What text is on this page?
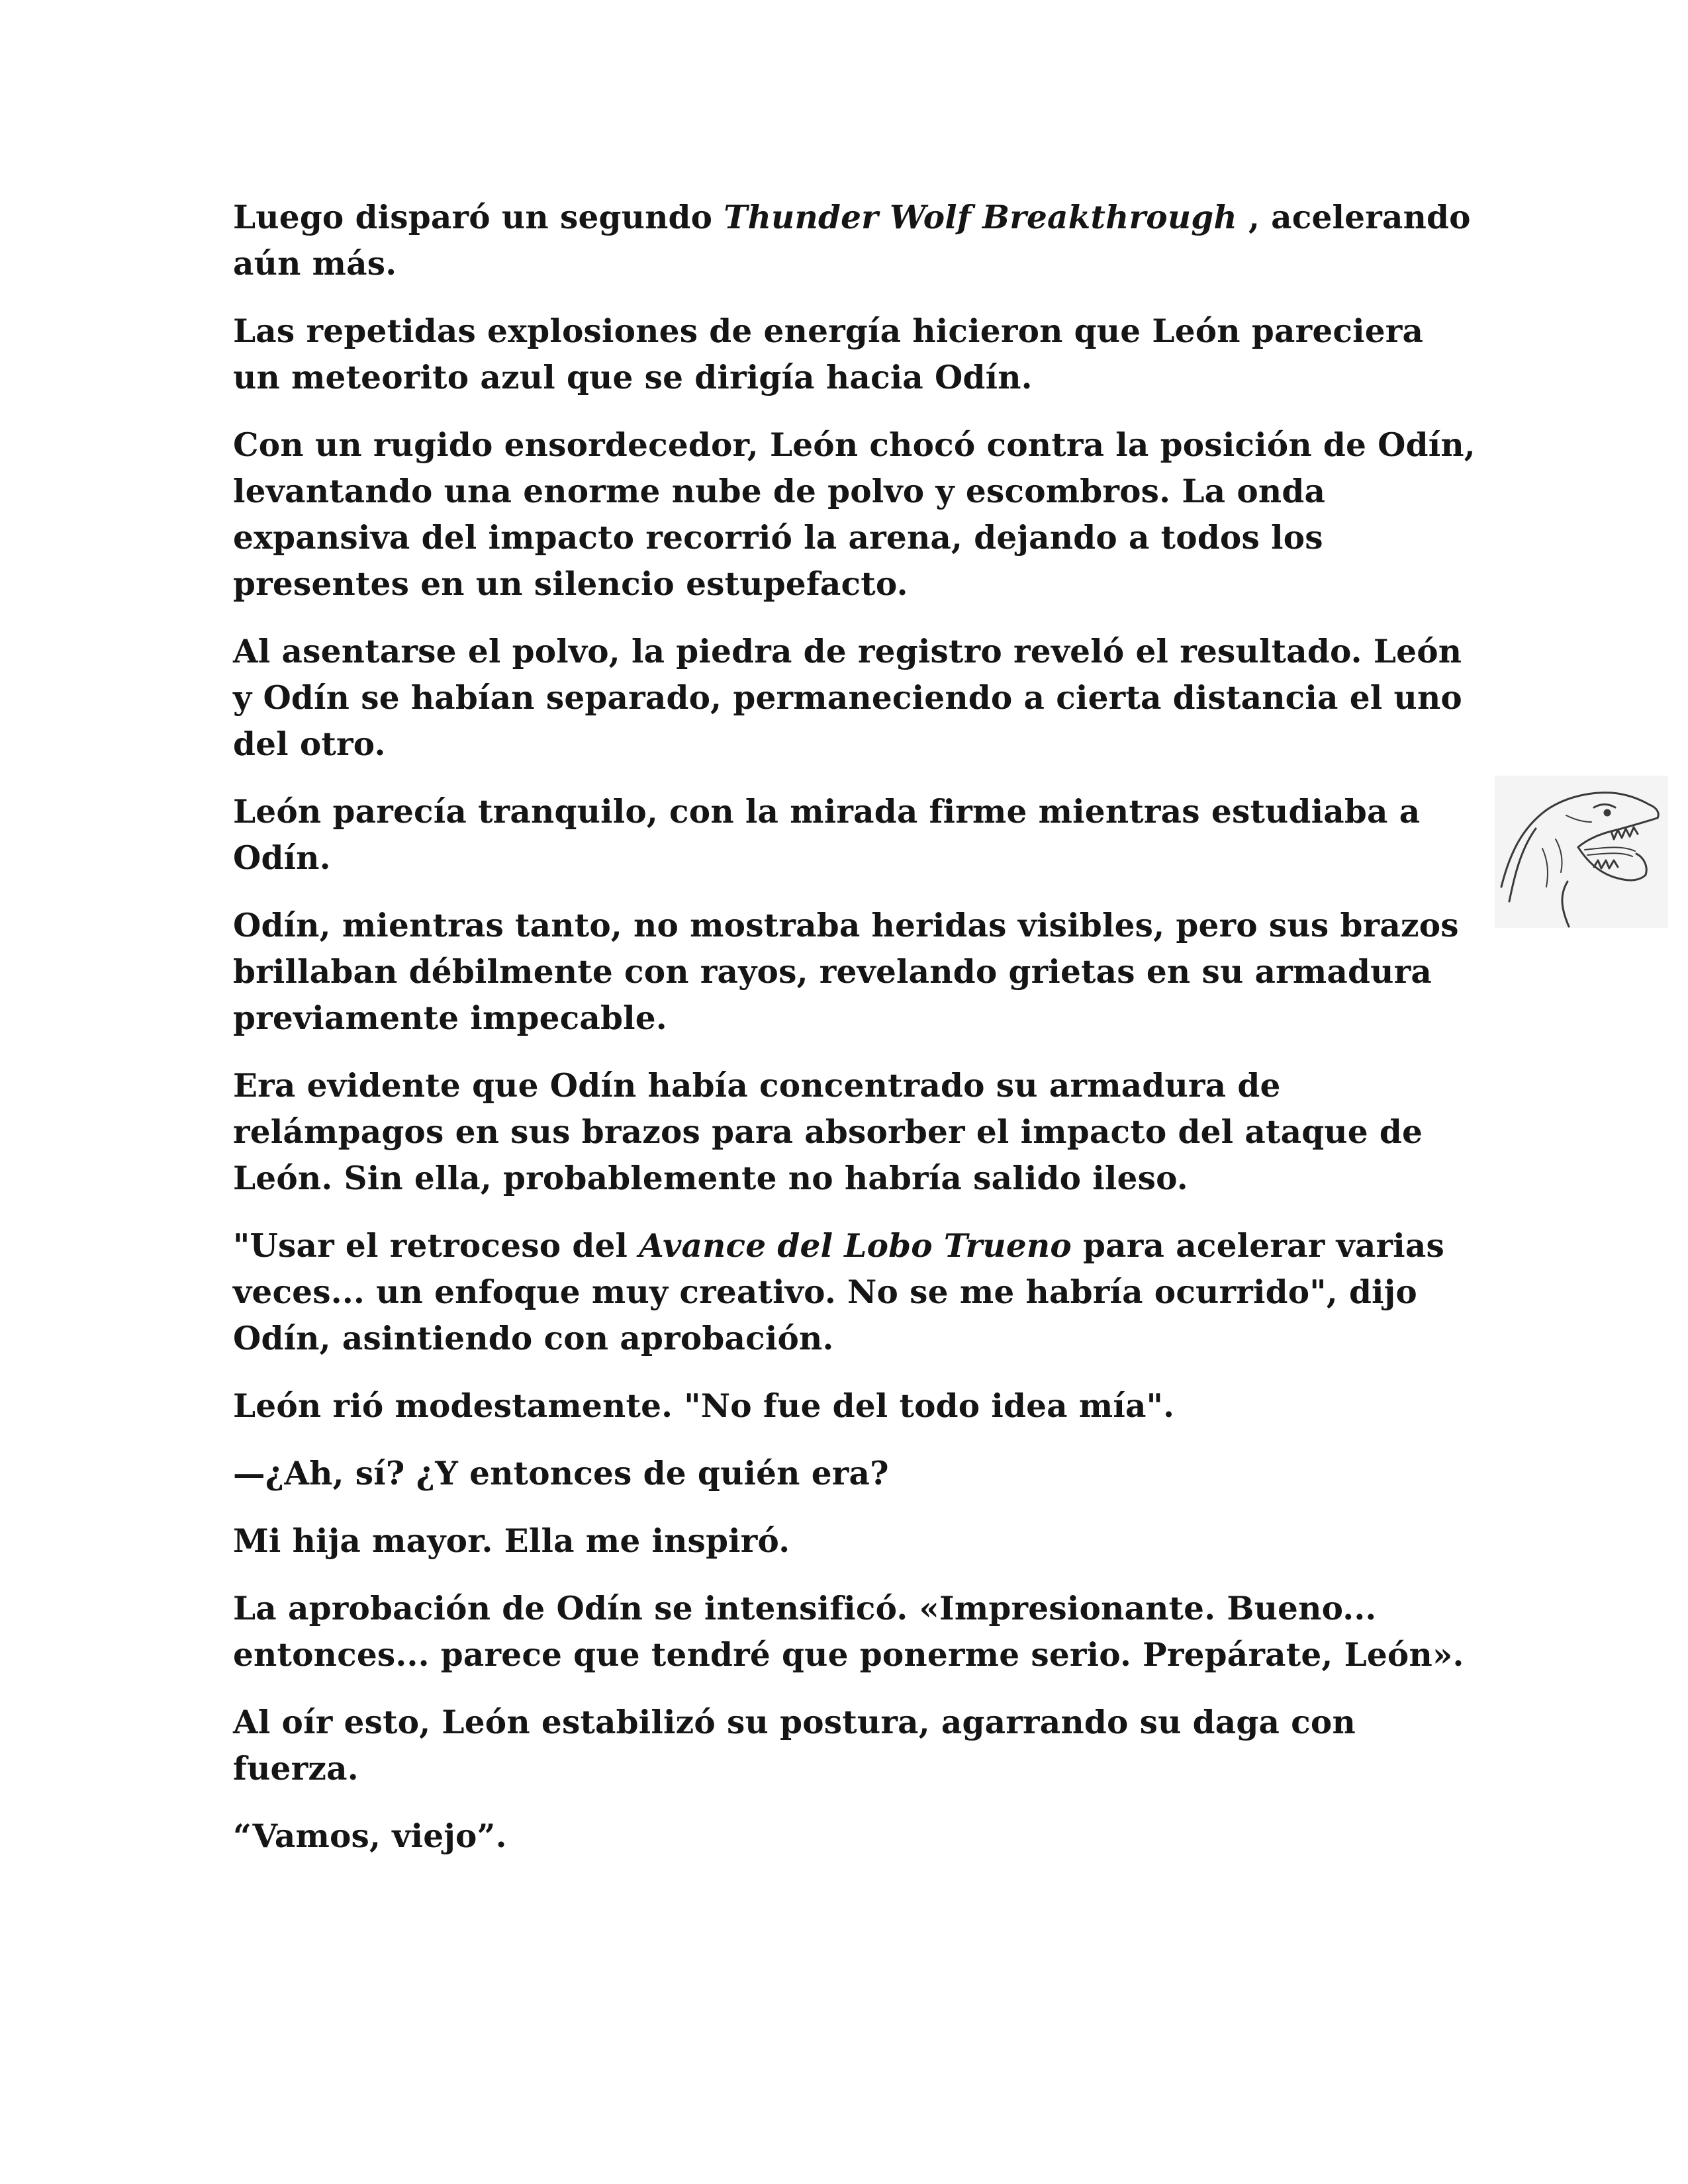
Luego disparó un segundo Thunder Wolf Breakthrough , acelerando aún más.

Las repetidas explosiones de energía hicieron que León pareciera un meteorito azul que se dirigía hacia Odín.

Con un rugido ensordecedor, León chocó contra la posición de Odín, levantando una enorme nube de polvo y escombros. La onda expansiva del impacto recorrió la arena, dejando a todos los presentes en un silencio estupefacto.

Al asentarse el polvo, la piedra de registro reveló el resultado. León y Odín se habían separado, permaneciendo a cierta distancia el uno del otro.

León parecía tranquilo, con la mirada firme mientras estudiaba a Odín.

Odín, mientras tanto, no mostraba heridas visibles, pero sus brazos brillaban débilmente con rayos, revelando grietas en su armadura previamente impecable.

Era evidente que Odín había concentrado su armadura de relámpagos en sus brazos para absorber el impacto del ataque de León. Sin ella, probablemente no habría salido ileso.

"Usar el retroceso del Avance del Lobo Trueno para acelerar varias veces... un enfoque muy creativo. No se me habría ocurrido", dijo Odín, asintiendo con aprobación.

León rió modestamente. "No fue del todo idea mía".

—¿Ah, sí? ¿Y entonces de quién era?

Mi hija mayor. Ella me inspiró.

La aprobación de Odín se intensificó. «Impresionante. Bueno... entonces... parece que tendré que ponerme serio. Prepárate, León».

Al oír esto, León estabilizó su postura, agarrando su daga con fuerza.

“Vamos, viejo”.
